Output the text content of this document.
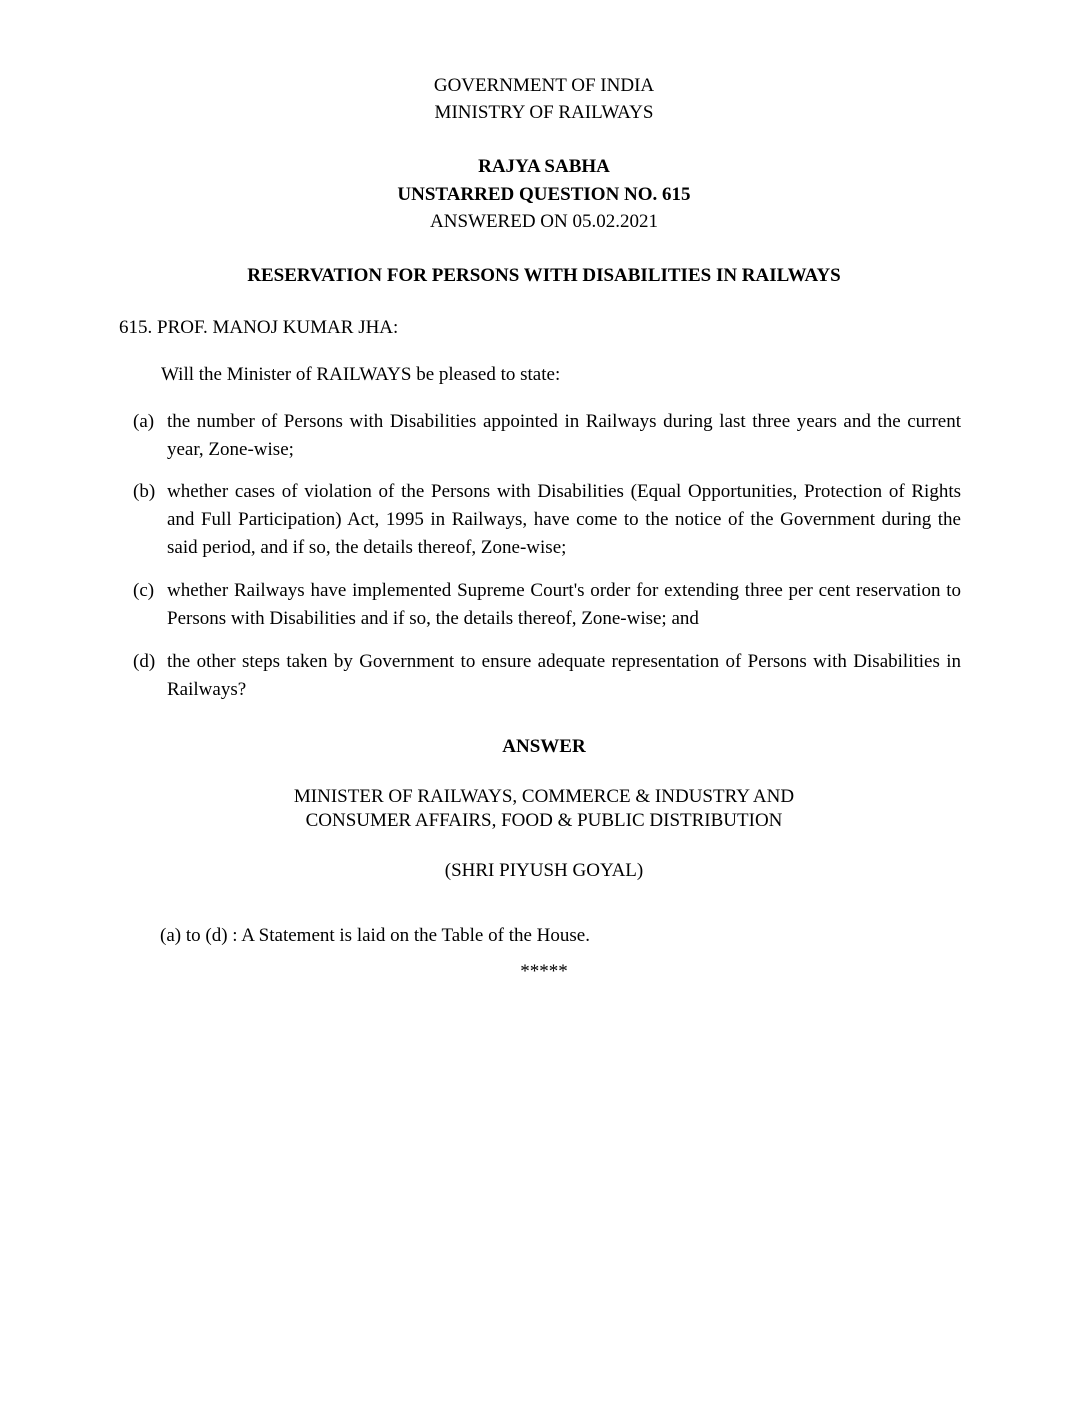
GOVERNMENT OF INDIA
MINISTRY OF RAILWAYS
RAJYA SABHA
UNSTARRED QUESTION NO. 615
ANSWERED ON 05.02.2021
RESERVATION FOR PERSONS WITH DISABILITIES IN RAILWAYS
615. PROF. MANOJ KUMAR JHA:
Will the Minister of RAILWAYS be pleased to state:
(a) the number of Persons with Disabilities appointed in Railways during last three years and the current year, Zone-wise;
(b) whether cases of violation of the Persons with Disabilities (Equal Opportunities, Protection of Rights and Full Participation) Act, 1995 in Railways, have come to the notice of the Government during the said period, and if so, the details thereof, Zone-wise;
(c) whether Railways have implemented Supreme Court's order for extending three per cent reservation to Persons with Disabilities and if so, the details thereof, Zone-wise; and
(d) the other steps taken by Government to ensure adequate representation of Persons with Disabilities in Railways?
ANSWER
MINISTER OF RAILWAYS, COMMERCE & INDUSTRY AND
CONSUMER AFFAIRS, FOOD & PUBLIC DISTRIBUTION
(SHRI PIYUSH GOYAL)
(a) to (d) : A Statement is laid on the Table of the House.
*****
